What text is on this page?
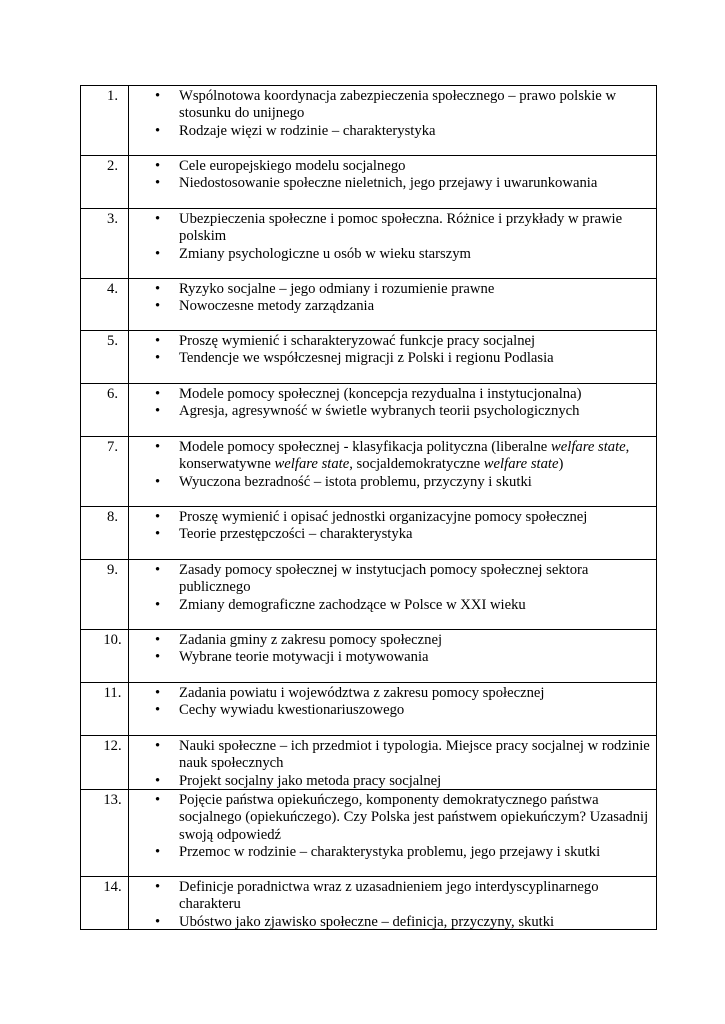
1. •	Wspólnotowa koordynacja zabezpieczenia społecznego – prawo polskie w stosunku do unijnego
•
Rodzaje więzi w rodzinie – charakterystyka
2. •	Cele europejskiego modelu socjalnego
•
Niedostosowanie społeczne nieletnich, jego przejawy i uwarunkowania
3. •	Ubezpieczenia społeczne i pomoc społeczna. Różnice i przykłady w prawie polskim
•
Zmiany psychologiczne u osób w wieku starszym
4. •	Ryzyko socjalne – jego odmiany i rozumienie prawne
•
Nowoczesne metody zarządzania
5. •	Proszę wymienić i scharakteryzować funkcje pracy socjalnej
•
Tendencje we współczesnej migracji z Polski i regionu Podlasia
6. •	Modele pomocy społecznej (koncepcja rezydualna i instytucjonalna)
•
Agresja, agresywność w świetle wybranych teorii psychologicznych
7. •	Modele pomocy społecznej - klasyfikacja polityczna (liberalne welfare state, konserwatywne welfare state, socjaldemokratyczne welfare state)
•
Wyuczona bezradność – istota problemu, przyczyny i skutki
8. •	Proszę wymienić i opisać jednostki organizacyjne pomocy społecznej
•
Teorie przestępczości – charakterystyka
9. •	Zasady pomocy społecznej w instytucjach pomocy społecznej sektora publicznego
•
Zmiany demograficzne zachodzące w Polsce w XXI wieku
10. •	Zadania gminy z zakresu pomocy społecznej
•
Wybrane teorie motywacji i motywowania
11. •	Zadania powiatu i województwa z zakresu pomocy społecznej
•
Cechy wywiadu kwestionariuszowego
12. •	Nauki społeczne – ich przedmiot i typologia. Miejsce pracy socjalnej w rodzinie nauk społecznych
•
Projekt socjalny jako metoda pracy socjalnej
13. •	Pojęcie państwa opiekuńczego, komponenty demokratycznego państwa socjalnego (opiekuńczego). Czy Polska jest państwem opiekuńczym? Uzasadnij swoją odpowiedź
•
Przemoc w rodzinie – charakterystyka problemu, jego przejawy i skutki
14. •	Definicje poradnictwa wraz z uzasadnieniem jego interdyscyplinarnego charakteru
•
Ubóstwo jako zjawisko społeczne – definicja, przyczyny, skutki
